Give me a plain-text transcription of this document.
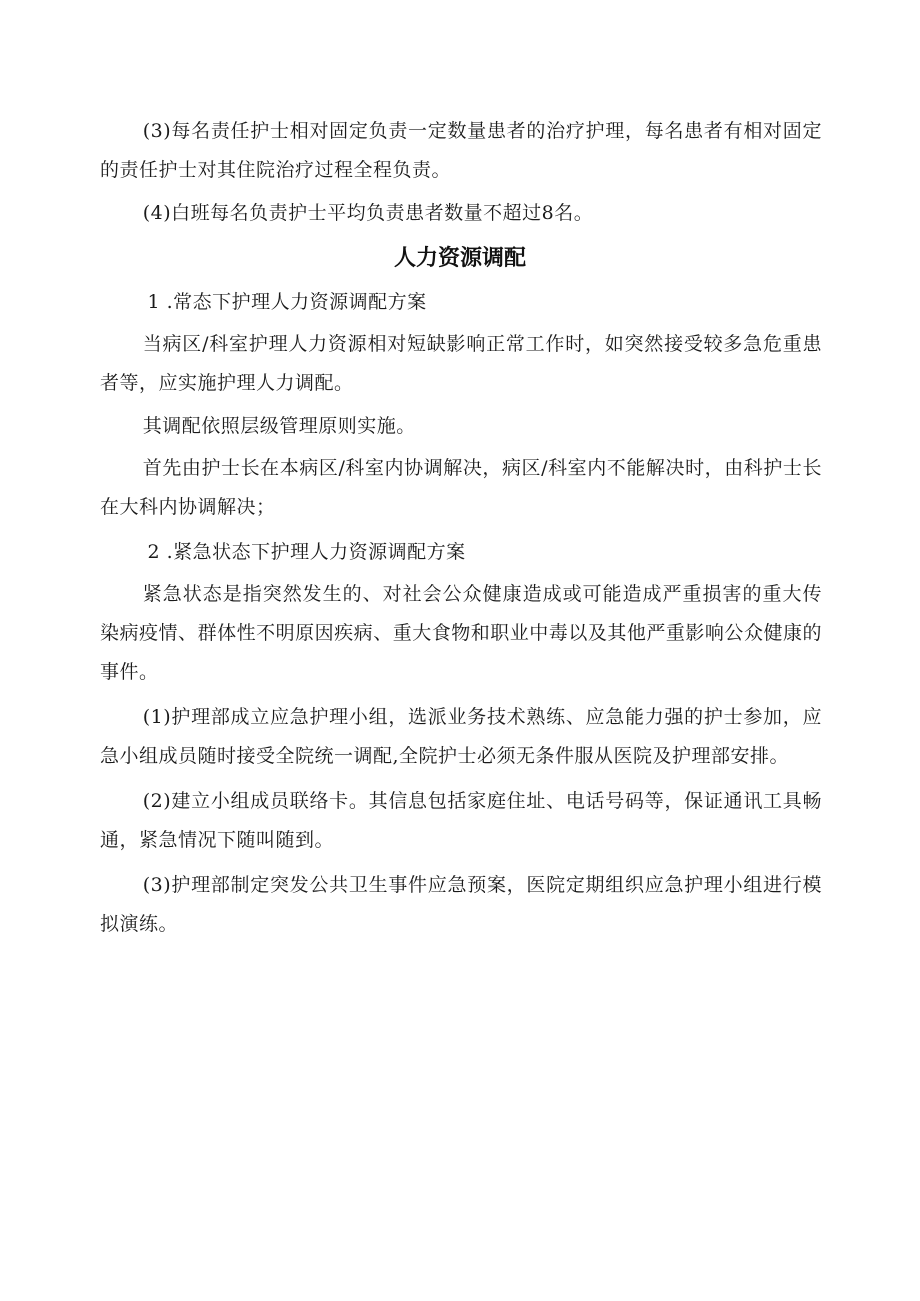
(3)每名责任护士相对固定负责一定数量患者的治疗护理，每名患者有相对固定的责任护士对其住院治疗过程全程负责。

(4)白班每名负责护士平均负责患者数量不超过8名。

人力资源调配

1 .常态下护理人力资源调配方案

当病区/科室护理人力资源相对短缺影响正常工作时，如突然接受较多急危重患者等，应实施护理人力调配。

其调配依照层级管理原则实施。

首先由护士长在本病区/科室内协调解决，病区/科室内不能解决时，由科护士长在大科内协调解决；

2 .紧急状态下护理人力资源调配方案

紧急状态是指突然发生的、对社会公众健康造成或可能造成严重损害的重大传染病疫情、群体性不明原因疾病、重大食物和职业中毒以及其他严重影响公众健康的事件。

(1)护理部成立应急护理小组，选派业务技术熟练、应急能力强的护士参加，应急小组成员随时接受全院统一调配,全院护士必须无条件服从医院及护理部安排。

(2)建立小组成员联络卡。其信息包括家庭住址、电话号码等，保证通讯工具畅通，紧急情况下随叫随到。

(3)护理部制定突发公共卫生事件应急预案，医院定期组织应急护理小组进行模拟演练。
